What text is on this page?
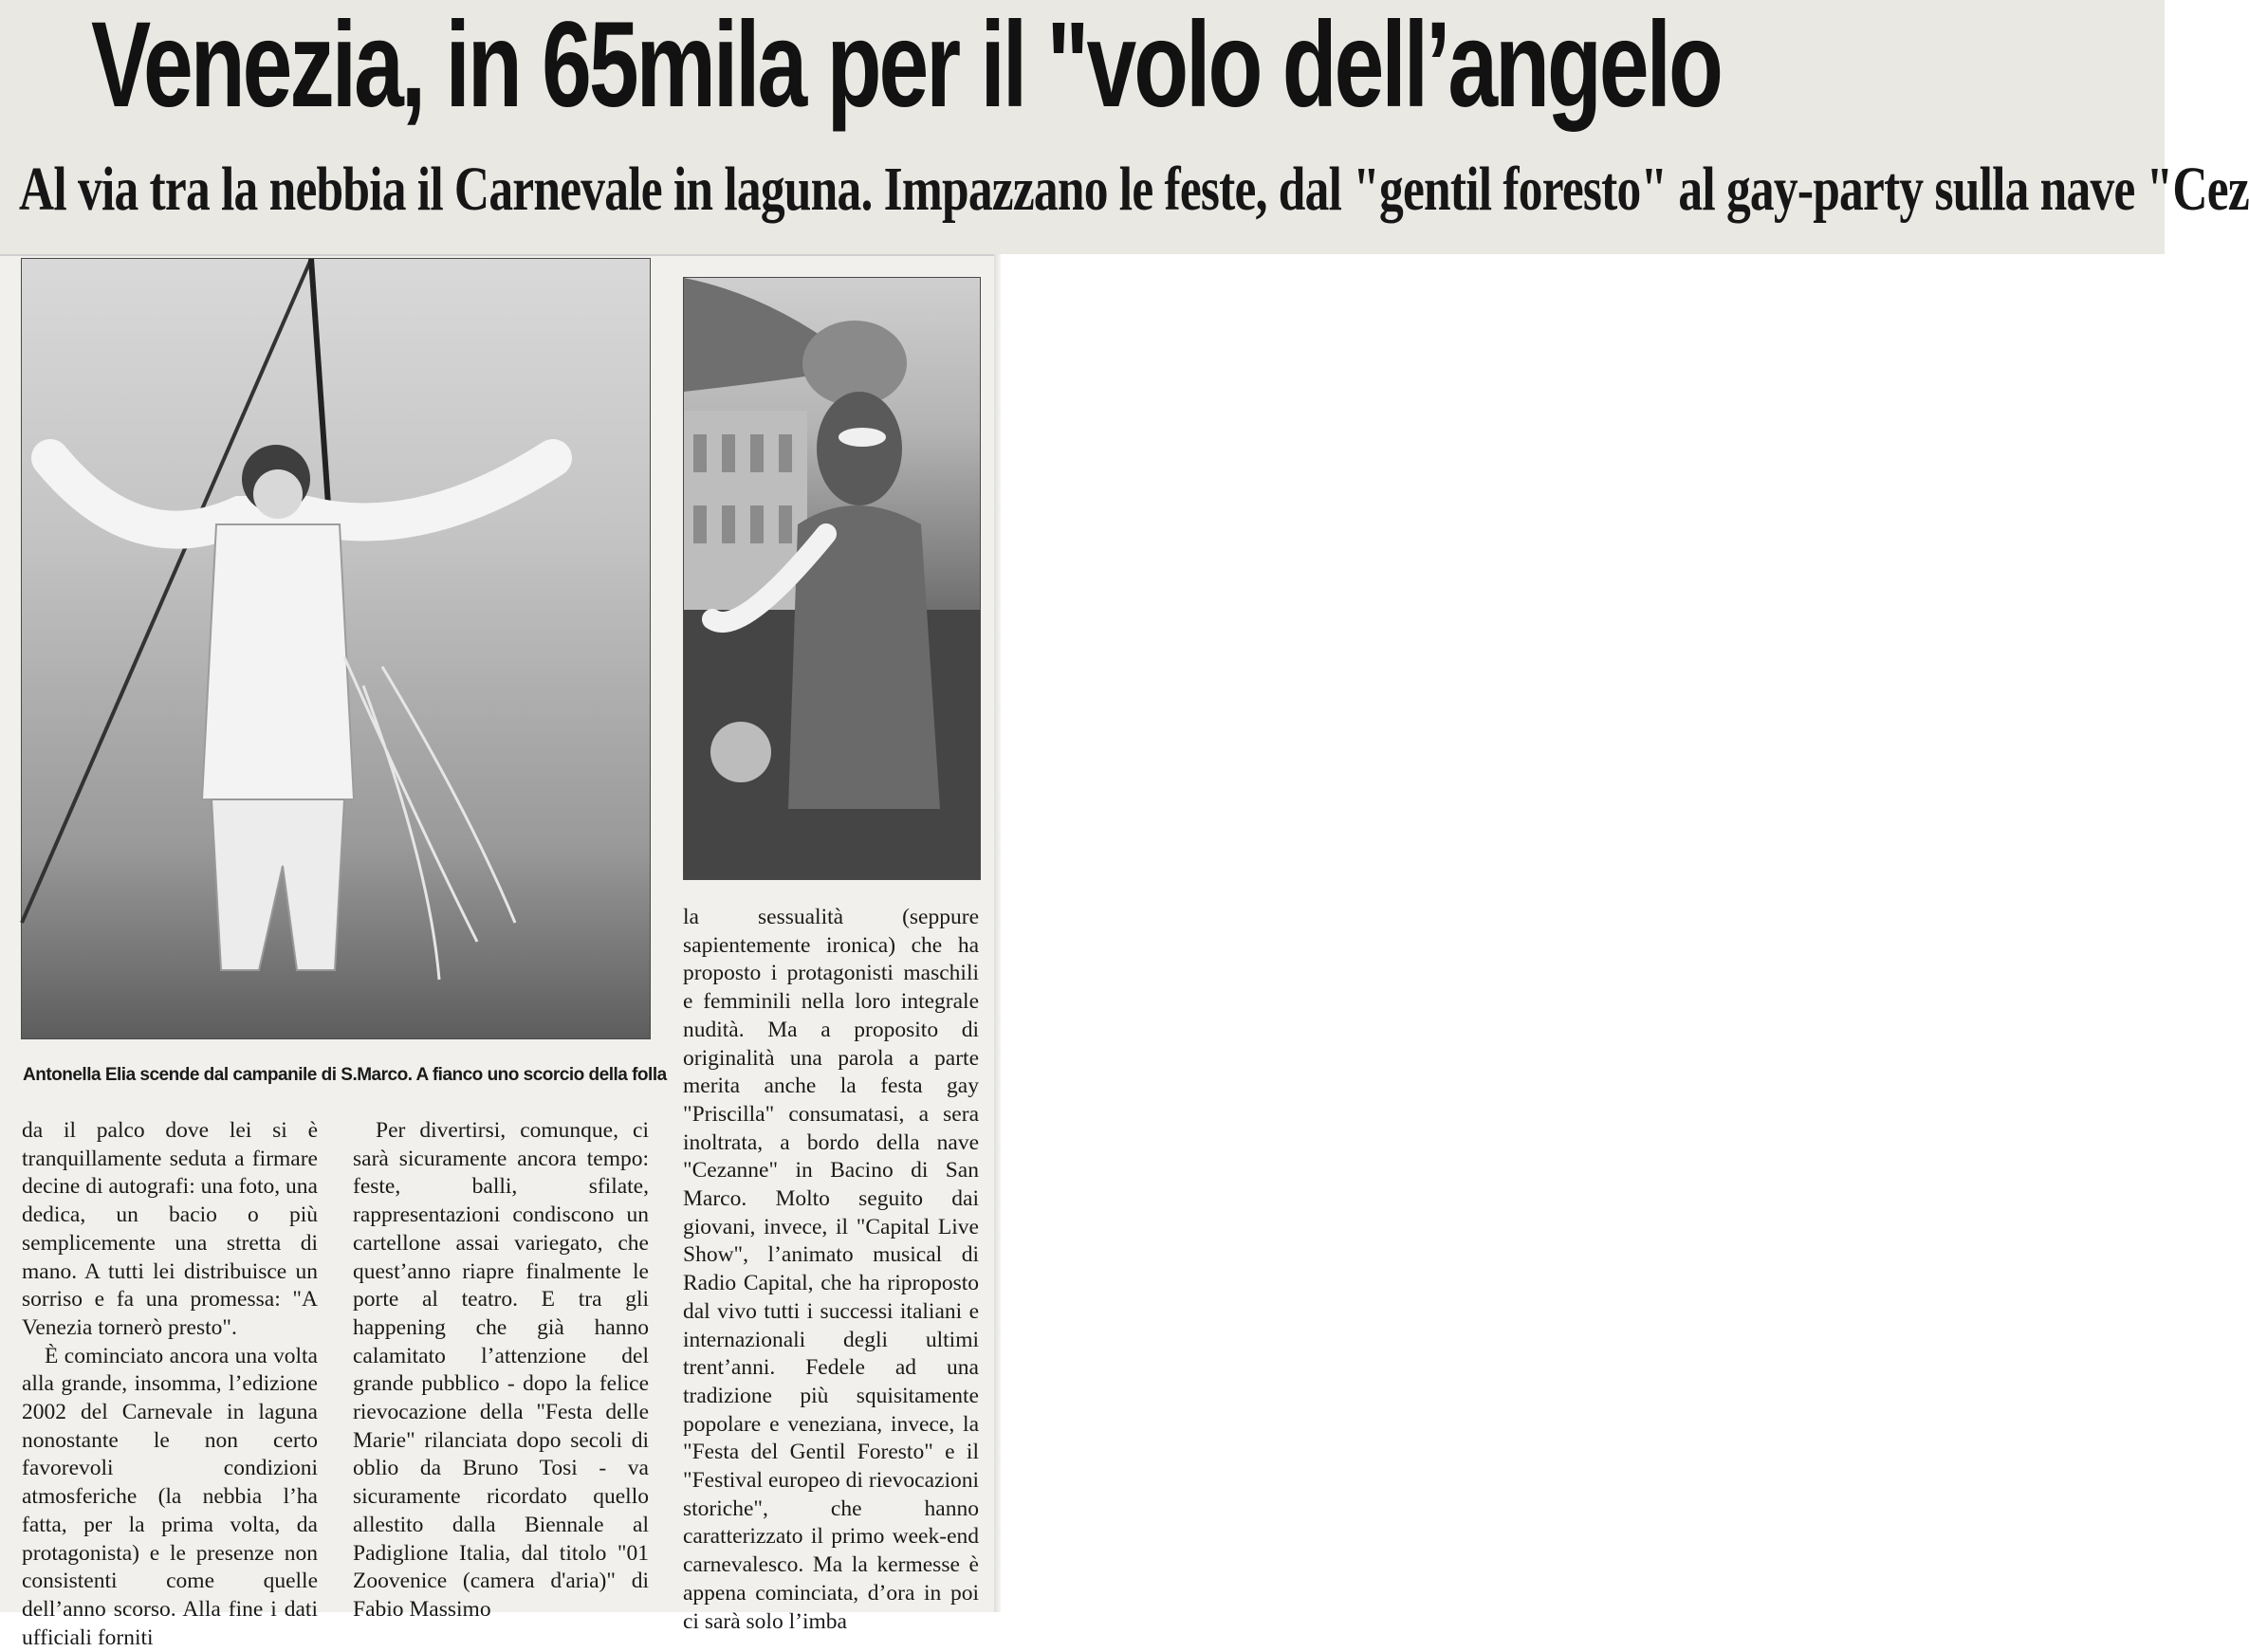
Venezia, in 65mila per il "volo dell’angelo
Al via tra la nebbia il Carnevale in laguna. Impazzano le feste, dal "gentil foresto" al gay-party sulla nave "Cez
Antonella Elia scende dal campanile di S.Marco. A fianco uno scorcio della folla

da il palco dove lei si è tranquillamente seduta a firmare decine di autografi: una foto, una dedica, un bacio o più semplicemente una stretta di mano. A tutti lei distribuisce un sorriso e fa una promessa: "A Venezia tornerò presto".

È cominciato ancora una volta alla grande, insomma, l’edizione 2002 del Carnevale in laguna nonostante le non certo favorevoli condizioni atmosferiche (la nebbia l’ha fatta, per la prima volta, da protagonista) e le presenze non consistenti come quelle dell’anno scorso. Alla fine i dati ufficiali forniti

Per divertirsi, comunque, ci sarà sicuramente ancora tempo: feste, balli, sfilate, rappresentazioni condiscono un cartellone assai variegato, che quest’anno riapre finalmente le porte al teatro. E tra gli happening che già hanno calamitato l’attenzione del grande pubblico - dopo la felice rievocazione della "Festa delle Marie" rilanciata dopo secoli di oblio da Bruno Tosi - va sicuramente ricordato quello allestito dalla Biennale al Padiglione Italia, dal titolo "01 Zoovenice (camera d'aria)" di Fabio Massimo

la sessualità (seppure sapientemente ironica) che ha proposto i protagonisti maschili e femminili nella loro integrale nudità. Ma a proposito di originalità una parola a parte merita anche la festa gay "Priscilla" consumatasi, a sera inoltrata, a bordo della nave "Cezanne" in Bacino di San Marco. Molto seguito dai giovani, invece, il "Capital Live Show", l’animato musical di Radio Capital, che ha riproposto dal vivo tutti i successi italiani e internazionali degli ultimi trent’anni. Fedele ad una tradizione più squisitamente popolare e veneziana, invece, la "Festa del Gentil Foresto" e il "Festival europeo di rievocazioni storiche", che hanno caratterizzato il primo week-end carnevalesco. Ma la kermesse è appena cominciata, d’ora in poi ci sarà solo l’imba
